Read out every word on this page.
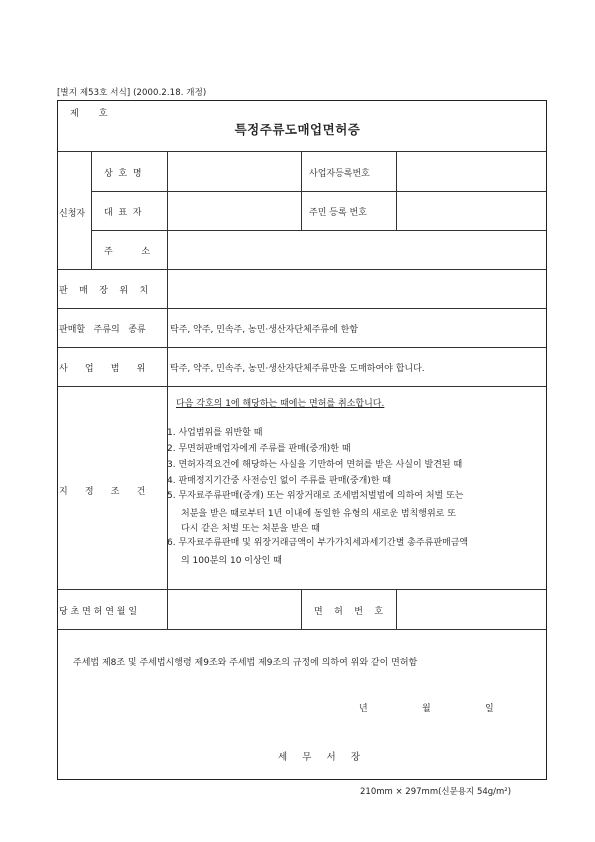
[별지 제53호 서식] (2000.2.18. 개정)
제       호
특정주류도매업면허증
신청자
상  호  명	사업자등록번호
대  표  자	주민 등록 번호
주          소
판    매    장    위    치
판매할   주류의   종류	탁주, 약주, 민속주, 농민·생산자단체주류에 한함
사      업      범      위	탁주, 약주, 민속주, 농민·생산자단체주류만을 도매하여야 합니다.
지      정      조      건
다음 각호의 1에 해당하는 때에는 면허를 취소합니다.
1. 사업범위를 위반할 때
2. 무면허판매업자에게 주류를 판매(중개)한 때
3. 면허자격요건에 해당하는 사실을 기만하여 면허를 받은 사실이 발견된 때
4. 판매정지기간중 사전승인 없이 주류를 판매(중개)한 때
5. 무자료주류판매(중개) 또는 위장거래로 조세범처벌법에 의하여 처벌 또는
처분을 받은 때로부터 1년 이내에 동일한 유형의 새로운 범칙행위로 또
다시 같은 처벌 또는 처분을 받은 때
6. 무자료주류판매 및 위장거래금액이 부가가치세과세기간별 총주류판매금액
의 100분의 10 이상인 때
당 초 면 허 연 월 일	면    허    번    호
주세법 제8조 및 주세법시행령 제9조와 주세법 제9조의 규정에 의하여 위와 같이 면허함
년	월	일
세     무     서     장
210mm × 297mm(신문용지 54g/m²)
